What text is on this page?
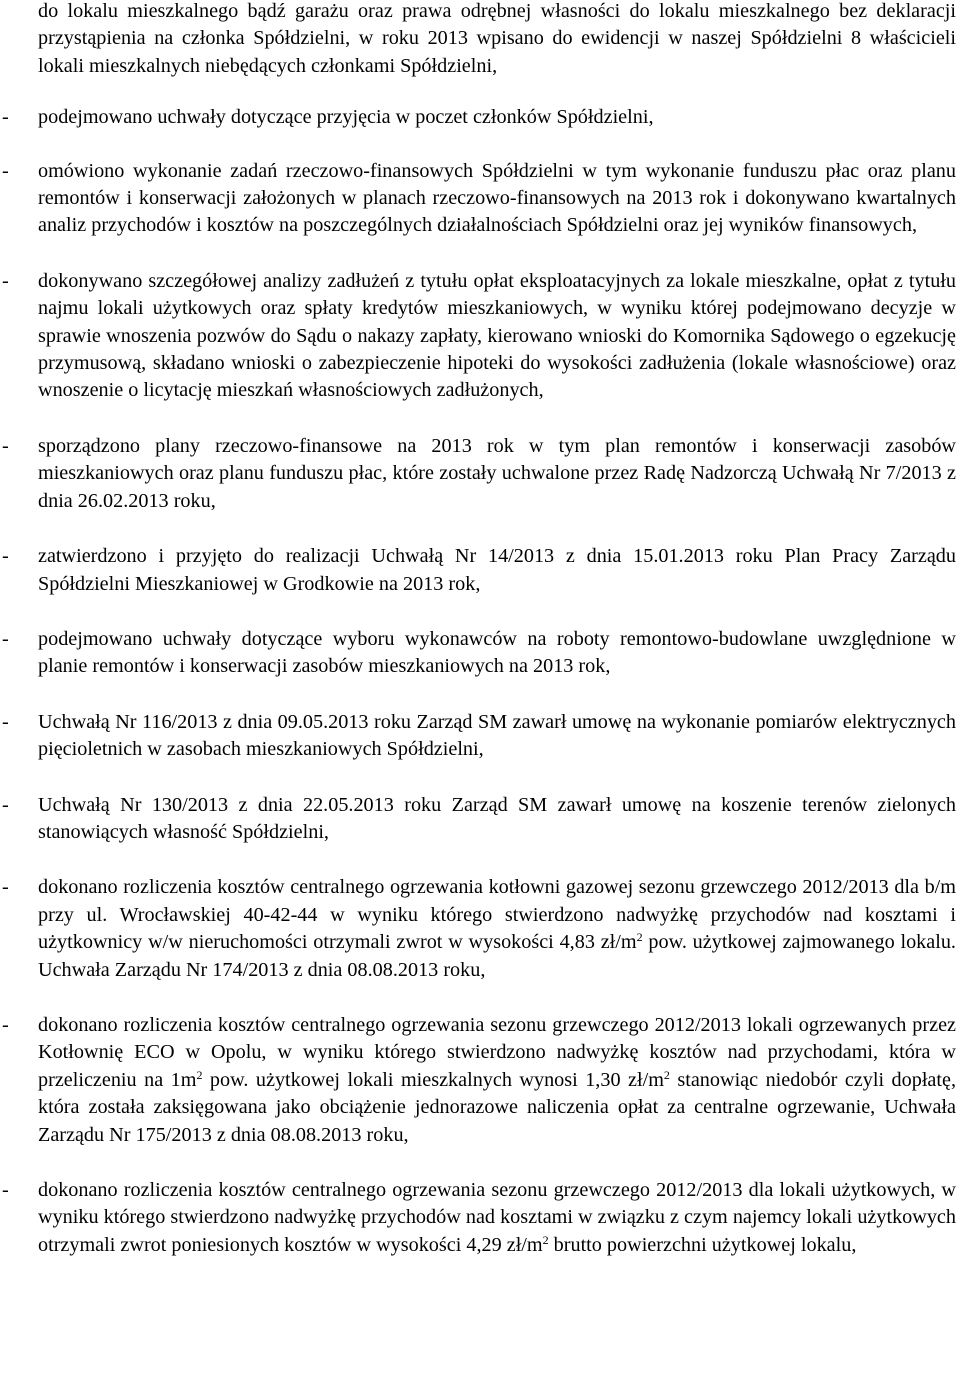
do lokalu mieszkalnego bądź garażu oraz prawa odrębnej własności do lokalu mieszkalnego bez deklaracji przystąpienia na członka Spółdzielni, w roku 2013 wpisano do ewidencji w naszej Spółdzielni 8 właścicieli lokali mieszkalnych niebędących członkami Spółdzielni,

- podejmowano uchwały dotyczące przyjęcia w poczet członków Spółdzielni,
- omówiono wykonanie zadań rzeczowo-finansowych Spółdzielni w tym wykonanie funduszu płac oraz planu remontów i konserwacji założonych w planach rzeczowo-finansowych na 2013 rok i dokonywano kwartalnych analiz przychodów i kosztów na poszczególnych działalnościach Spółdzielni oraz jej wyników finansowych,
- dokonywano szczegółowej analizy zadłużeń z tytułu opłat eksploatacyjnych za lokale mieszkalne, opłat z tytułu najmu lokali użytkowych oraz spłaty kredytów mieszkaniowych, w wyniku której podejmowano decyzje w sprawie wnoszenia pozwów do Sądu o nakazy zapłaty, kierowano wnioski do Komornika Sądowego o egzekucję przymusową, składano wnioski o zabezpieczenie hipoteki do wysokości zadłużenia (lokale własnościowe) oraz wnoszenie o licytację mieszkań własnościowych zadłużonych,
- sporządzono plany rzeczowo-finansowe na 2013 rok w tym plan remontów i konserwacji zasobów mieszkaniowych oraz planu funduszu płac, które zostały uchwalone przez Radę Nadzorczą Uchwałą Nr 7/2013 z dnia 26.02.2013 roku,
- zatwierdzono i przyjęto do realizacji Uchwałą Nr 14/2013 z dnia 15.01.2013 roku Plan Pracy Zarządu Spółdzielni Mieszkaniowej w Grodkowie na 2013 rok,
- podejmowano uchwały dotyczące wyboru wykonawców na roboty remontowo-budowlane uwzględnione w planie remontów i konserwacji zasobów mieszkaniowych na 2013 rok,
- Uchwałą Nr 116/2013 z dnia 09.05.2013 roku Zarząd SM zawarł umowę na wykonanie pomiarów elektrycznych pięcioletnich w zasobach mieszkaniowych Spółdzielni,
- Uchwałą Nr 130/2013 z dnia 22.05.2013 roku Zarząd SM zawarł umowę na koszenie terenów zielonych stanowiących własność Spółdzielni,
- dokonano rozliczenia kosztów centralnego ogrzewania kotłowni gazowej sezonu grzewczego 2012/2013 dla b/m przy ul. Wrocławskiej 40-42-44 w wyniku którego stwierdzono nadwyżkę przychodów nad kosztami i użytkownicy w/w nieruchomości otrzymali zwrot w wysokości 4,83 $zł/m^2$ pow. użytkowej zajmowanego lokalu. Uchwała Zarządu Nr 174/2013 z dnia 08.08.2013 roku,
- dokonano rozliczenia kosztów centralnego ogrzewania sezonu grzewczego 2012/2013 lokali ogrzewanych przez Kotłownię ECO w Opolu, w wyniku którego stwierdzono nadwyżkę kosztów nad przychodami, która w przeliczeniu na $1m^2$ pow. użytkowej lokali mieszkalnych wynosi 1,30 $zł/m^2$ stanowiąc niedobór czyli dopłatę, która została zaksięgowana jako obciążenie jednorazowe naliczenia opłat za centralne ogrzewanie, Uchwała Zarządu Nr 175/2013 z dnia 08.08.2013 roku,
- dokonano rozliczenia kosztów centralnego ogrzewania sezonu grzewczego 2012/2013 dla lokali użytkowych, w wyniku którego stwierdzono nadwyżkę przychodów nad kosztami w związku z czym najemcy lokali użytkowych otrzymali zwrot poniesionych kosztów w wysokości 4,29 $zł/m^2$ brutto powierzchni użytkowej lokalu,
